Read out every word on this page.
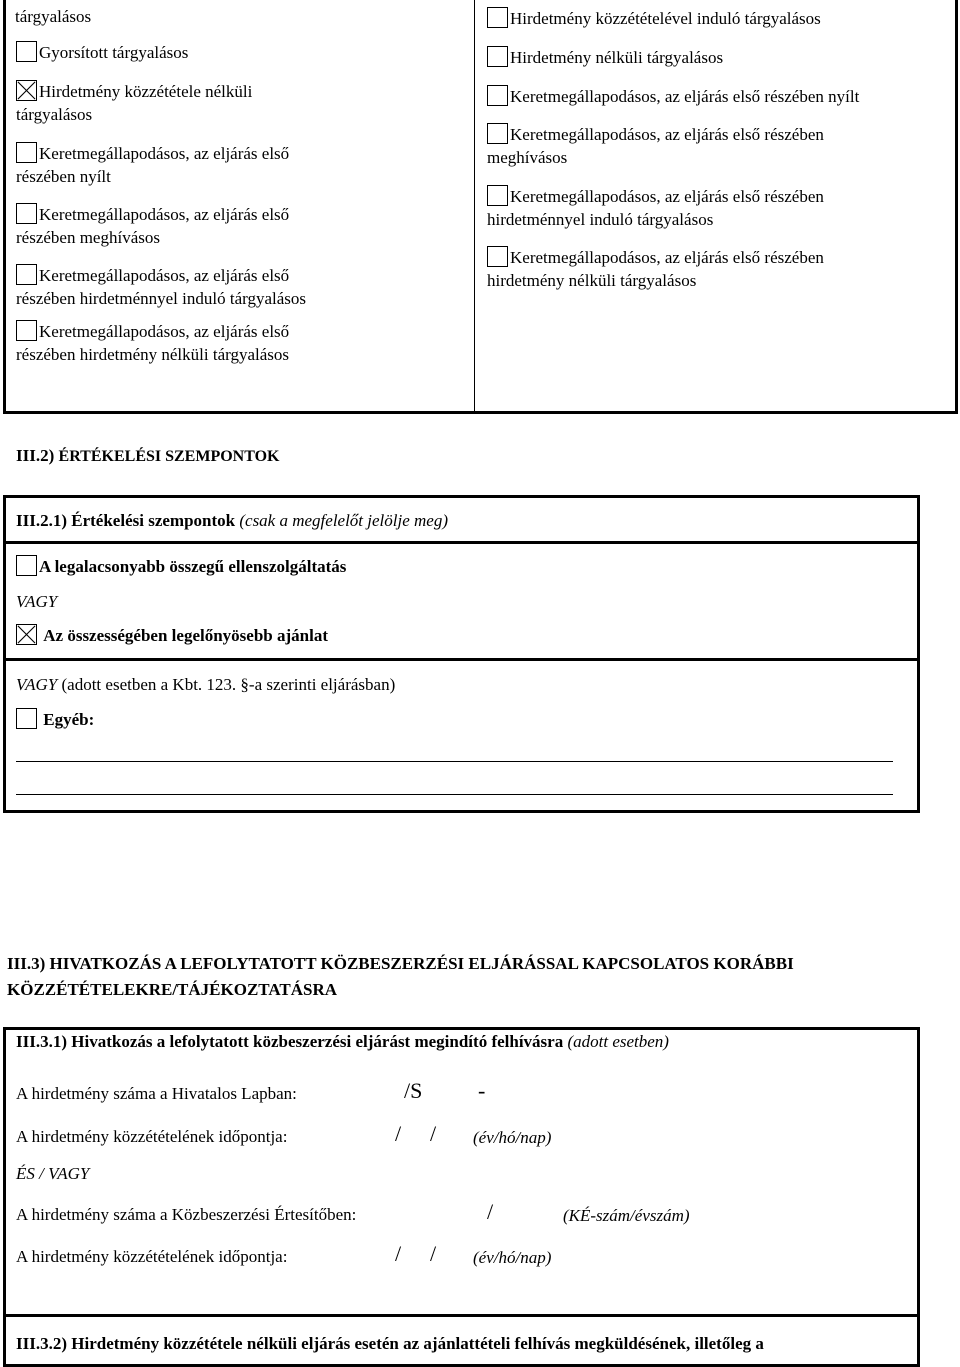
tárgyalásos
Gyorsított tárgyalásos
Hirdetmény közzététele nélküli
tárgyalásos
Keretmegállapodásos, az eljárás első
részében nyílt
Keretmegállapodásos, az eljárás első
részében meghívásos
Keretmegállapodásos, az eljárás első
részében hirdetménnyel induló tárgyalásos
Keretmegállapodásos, az eljárás első
részében hirdetmény nélküli tárgyalásos
Hirdetmény közzétételével induló tárgyalásos
Hirdetmény nélküli tárgyalásos
Keretmegállapodásos, az eljárás első részében nyílt
Keretmegállapodásos, az eljárás első részében
meghívásos
Keretmegállapodásos, az eljárás első részében
hirdetménnyel induló tárgyalásos
Keretmegállapodásos, az eljárás első részében
hirdetmény nélküli tárgyalásos
III.2) ÉRTÉKELÉSI SZEMPONTOK
III.2.1) Értékelési szempontok (csak a megfelelőt jelölje meg)
A legalacsonyabb összegű ellenszolgáltatás
VAGY
Az összességében legelőnyösebb ajánlat
VAGY (adott esetben a Kbt. 123. §-a szerinti eljárásban)
Egyéb:
III.3) HIVATKOZÁS A LEFOLYTATOTT KÖZBESZERZÉSI ELJÁRÁSSAL KAPCSOLATOS KORÁBBI
KÖZZÉTÉTELEKRE/TÁJÉKOZTATÁSRA
III.3.1) Hivatkozás a lefolytatott közbeszerzési eljárást megindító felhívásra (adott esetben)
A hirdetmény száma a Hivatalos Lapban:	/S	-
A hirdetmény közzétételének időpontja:	/ / (év/hó/nap)
ÉS / VAGY
A hirdetmény száma a Közbeszerzési Értesítőben:	/	(KÉ-szám/évszám)
A hirdetmény közzétételének időpontja:	/ / (év/hó/nap)
III.3.2) Hirdetmény közzététele nélküli eljárás esetén az ajánlattételi felhívás megküldésének, illetőleg a
